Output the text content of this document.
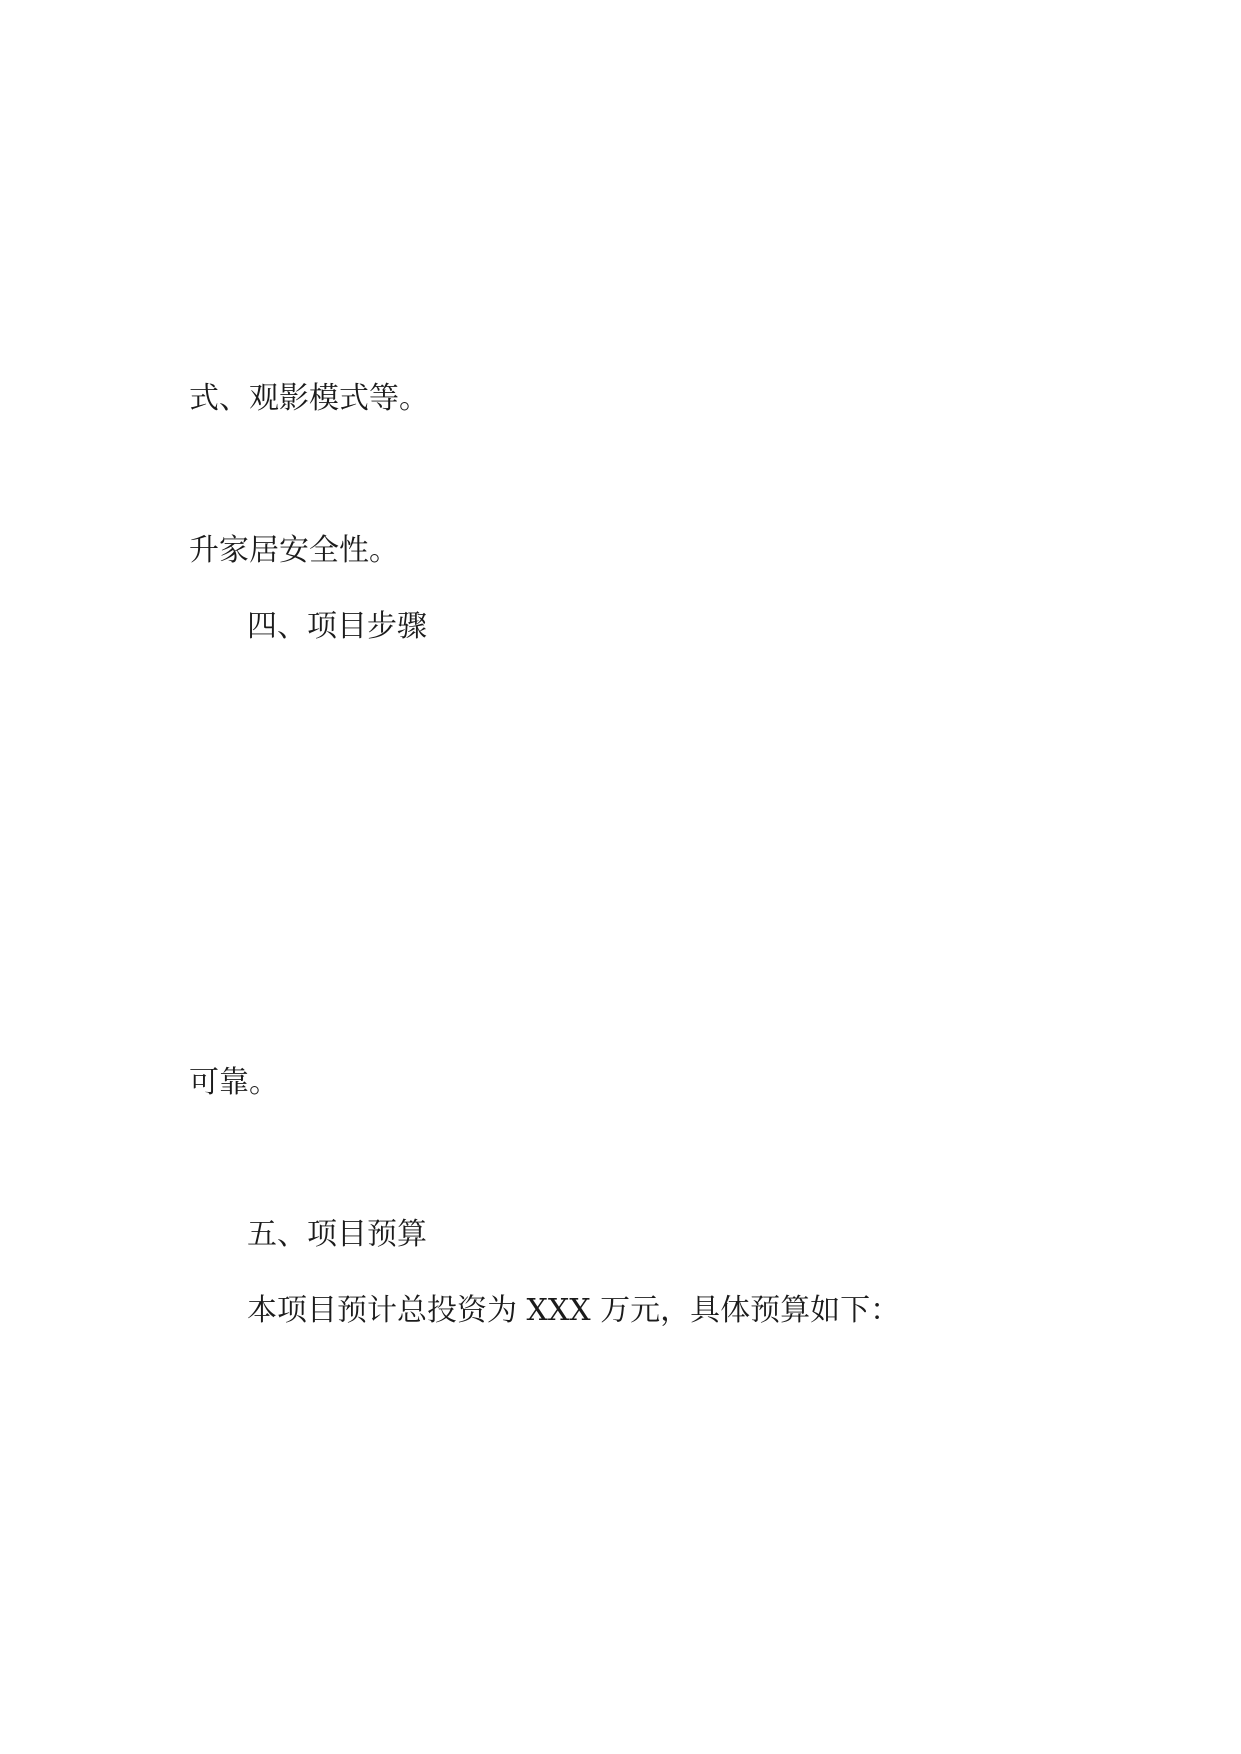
式、观影模式等。

升家居安全性。
四、项目步骤

可靠。

五、项目预算
本项目预计总投资为 XXX 万元，具体预算如下：
